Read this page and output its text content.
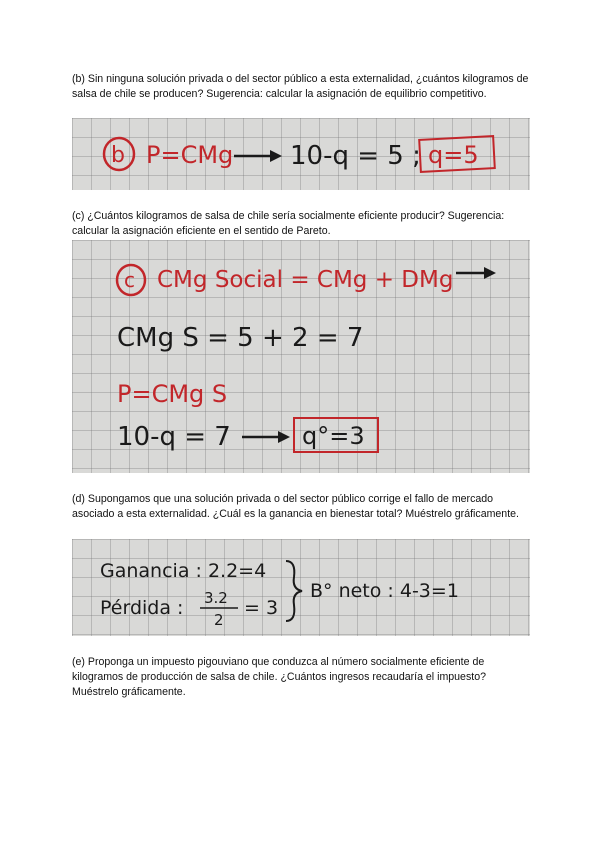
(b) Sin ninguna solución privada o del sector público a esta externalidad, ¿cuántos kilogramos de salsa de chile se producen? Sugerencia: calcular la asignación de equilibrio competitivo.

b P=CMg 10-q = 5 ; q=5

(c) ¿Cuántos kilogramos de salsa de chile sería socialmente eficiente producir? Sugerencia: calcular la asignación eficiente en el sentido de Pareto.

c CMg Social = CMg + DMg
CMg S = 5 + 2 = 7
P=CMg S
10-q = 7	q°=3

(d) Supongamos que una solución privada o del sector público corrige el fallo de mercado asociado a esta externalidad. ¿Cuál es la ganancia en bienestar total? Muéstrelo gráficamente.

Ganancia : 2.2=4
Pérdida : 3.2
2
= 3
B° neto : 4-3=1

(e) Proponga un impuesto pigouviano que conduzca al número socialmente eficiente de kilogramos de producción de salsa de chile. ¿Cuántos ingresos recaudaría el impuesto? Muéstrelo gráficamente.
